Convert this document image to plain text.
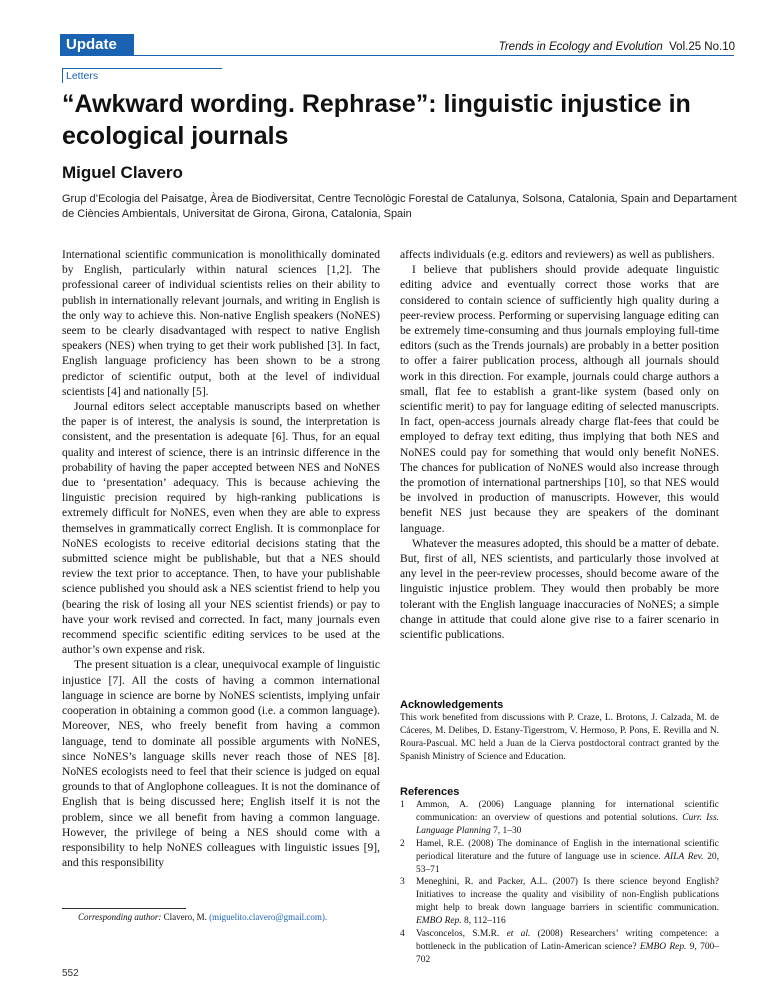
Update	Trends in Ecology and Evolution Vol.25 No.10
Letters
“Awkward wording. Rephrase”: linguistic injustice in ecological journals
Miguel Clavero
Grup d’Ecologia del Paisatge, Àrea de Biodiversitat, Centre Tecnològic Forestal de Catalunya, Solsona, Catalonia, Spain and Departament de Ciències Ambientals, Universitat de Girona, Girona, Catalonia, Spain

International scientific communication is monolithically dominated by English, particularly within natural sciences [1,2]. The professional career of individual scientists relies on their ability to publish in internationally relevant journals, and writing in English is the only way to achieve this. Non-native English speakers (NoNES) seem to be clearly disadvantaged with respect to native English speakers (NES) when trying to get their work published [3]. In fact, English language proficiency has been shown to be a strong predictor of scientific output, both at the level of individual scientists [4] and nationally [5].

Journal editors select acceptable manuscripts based on whether the paper is of interest, the analysis is sound, the interpretation is consistent, and the presentation is adequate [6]. Thus, for an equal quality and interest of science, there is an intrinsic difference in the probability of having the paper accepted between NES and NoNES due to ‘presentation’ adequacy. This is because achieving the linguistic precision required by high-ranking publications is extremely difficult for NoNES, even when they are able to express themselves in grammatically correct English. It is commonplace for NoNES ecologists to receive editorial decisions stating that the submitted science might be publishable, but that a NES should review the text prior to acceptance. Then, to have your publishable science published you should ask a NES scientist friend to help you (bearing the risk of losing all your NES scientist friends) or pay to have your work revised and corrected. In fact, many journals even recommend specific scientific editing services to be used at the author’s own expense and risk.

The present situation is a clear, unequivocal example of linguistic injustice [7]. All the costs of having a common international language in science are borne by NoNES scientists, implying unfair cooperation in obtaining a common good (i.e. a common language). Moreover, NES, who freely benefit from having a common language, tend to dominate all possible arguments with NoNES, since NoNES’s language skills never reach those of NES [8]. NoNES ecologists need to feel that their science is judged on equal grounds to that of Anglophone colleagues. It is not the dominance of English that is being discussed here; English itself it is not the problem, since we all benefit from having a common language. However, the privilege of being a NES should come with a responsibility to help NoNES colleagues with linguistic issues [9], and this responsibility

affects individuals (e.g. editors and reviewers) as well as publishers.

I believe that publishers should provide adequate linguistic editing advice and eventually correct those works that are considered to contain science of sufficiently high quality during a peer-review process. Performing or supervising language editing can be extremely time-consuming and thus journals employing full-time editors (such as the Trends journals) are probably in a better position to offer a fairer publication process, although all journals should work in this direction. For example, journals could charge authors a small, flat fee to establish a grant-like system (based only on scientific merit) to pay for language editing of selected manuscripts. In fact, open-access journals already charge flat-fees that could be employed to defray text editing, thus implying that both NES and NoNES could pay for something that would only benefit NoNES. The chances for publication of NoNES would also increase through the promotion of international partnerships [10], so that NES would be involved in production of manuscripts. However, this would benefit NES just because they are speakers of the dominant language.

Whatever the measures adopted, this should be a matter of debate. But, first of all, NES scientists, and particularly those involved at any level in the peer-review processes, should become aware of the linguistic injustice problem. They would then probably be more tolerant with the English language inaccuracies of NoNES; a simple change in attitude that could alone give rise to a fairer scenario in scientific publications.

Acknowledgements
This work benefited from discussions with P. Craze, L. Brotons, J. Calzada, M. de Cáceres, M. Delibes, D. Estany-Tigerstrom, V. Hermoso, P. Pons, E. Revilla and N. Roura-Pascual. MC held a Juan de la Cierva postdoctoral contract granted by the Spanish Ministry of Science and Education.
References
1 Ammon, A. (2006) Language planning for international scientific communication: an overview of questions and potential solutions. Curr. Iss. Language Planning 7, 1–30
2 Hamel, R.E. (2008) The dominance of English in the international scientific periodical literature and the future of language use in science. AILA Rev. 20, 53–71
3 Meneghini, R. and Packer, A.L. (2007) Is there science beyond English? Initiatives to increase the quality and visibility of non-English publications might help to break down language barriers in scientific communication. EMBO Rep. 8, 112–116
4 Vasconcelos, S.M.R. et al. (2008) Researchers’ writing competence: a bottleneck in the publication of Latin-American science? EMBO Rep. 9, 700–702
Corresponding author: Clavero, M. (miguelito.clavero@gmail.com).
552
